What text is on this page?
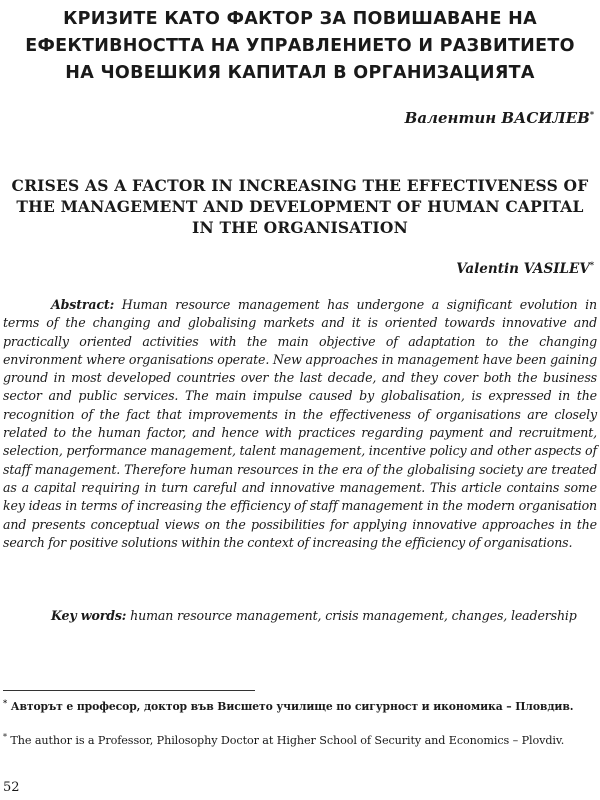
КРИЗИТЕ КАТО ФАКТОР ЗА ПОВИШАВАНЕ НА ЕФЕКТИВНОСТТА НА УПРАВЛЕНИЕТО И РАЗВИТИЕТО НА ЧОВЕШКИЯ КАПИТАЛ В ОРГАНИЗАЦИЯТА
Валентин ВАСИЛЕВ*
CRISES AS A FACTOR IN INCREASING THE EFFECTIVENESS OF THE MANAGEMENT AND DEVELOPMENT OF HUMAN CAPITAL IN THE ORGANISATION
Valentin VASILEV*

Abstract: Human resource management has undergone a significant evolution in terms of the changing and globalising markets and it is oriented towards innovative and practically oriented activities with the main objective of adaptation to the changing environment where organisations operate. New approaches in management have been gaining ground in most developed countries over the last decade, and they cover both the business sector and public services. The main impulse caused by globalisation, is expressed in the recognition of the fact that improvements in the effectiveness of organisations are closely related to the human factor, and hence with practices regarding payment and recruitment, selection, performance management, talent management, incentive policy and other aspects of staff management. Therefore human resources in the era of the globalising society are treated as a capital requiring in turn careful and innovative management. This article contains some key ideas in terms of increasing the efficiency of staff management in the modern organisation and presents conceptual views on the possibilities for applying innovative approaches in the search for positive solutions within the context of increasing the efficiency of organisations.

Key words: human resource management, crisis management, changes, leadership

* Авторът е професор, доктор във Висшето училище по сигурност и икономика – Пловдив.

* The author is a Professor, Philosophy Doctor at Higher School of Security and Economics – Plovdiv.

52
